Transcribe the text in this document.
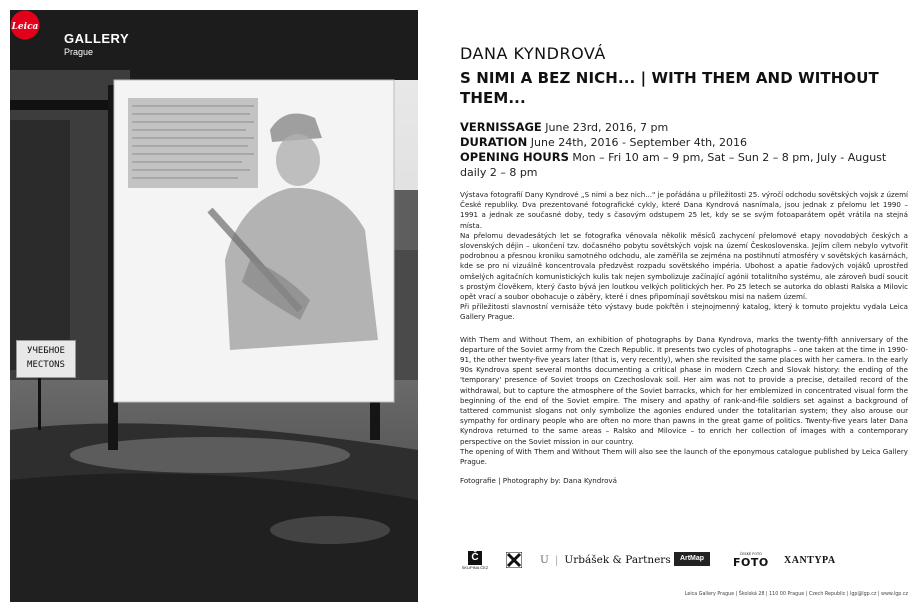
Leica
GALLERY
Prague
УЧЕБНОЕ
МЕСТОNS
DANA KYNDROVÁ
S NIMI A BEZ NICH... | WITH THEM AND WITHOUT THEM...
VERNISSAGE June 23rd, 2016, 7 pm
DURATION June 24th, 2016 - September 4th, 2016
OPENING HOURS Mon – Fri 10 am – 9 pm, Sat – Sun 2 – 8 pm, July - August daily 2 – 8 pm

Výstava fotografií Dany Kyndrové „S nimi a bez nich..." je pořádána u příležitosti 25. výročí odchodu sovětských vojsk z území České republiky. Dva prezentované fotografické cykly, které Dana Kyndrová nasnímala, jsou jednak z přelomu let 1990 – 1991 a jednak ze současné doby, tedy s časovým odstupem 25 let, kdy se se svým fotoaparátem opět vrátila na stejná místa.

Na přelomu devadesátých let se fotografka věnovala několik měsíců zachycení přelomové etapy novodobých českých a slovenských dějin – ukončení tzv. dočasného pobytu sovětských vojsk na území Československa. Jejím cílem nebylo vytvořit podrobnou a přesnou kroniku samotného odchodu, ale zaměřila se zejména na postihnutí atmosféry v sovětských kasárnách, kde se pro ni vizuálně koncentrovala předzvěst rozpadu sovětského impéria. Ubohost a apatie řadových vojáků uprostřed omšelých agitačních komunistických kulis tak nejen symbolizuje začínající agónii totalitního systému, ale zároveň budí soucit s prostým člověkem, který často bývá jen loutkou velkých politických her. Po 25 letech se autorka do oblasti Ralska a Milovic opět vrací a soubor obohacuje o záběry, které i dnes připomínají sovětskou misi na našem území.

Při příležitosti slavnostní vernisáže této výstavy bude pokřtěn i stejnojmenný katalog, který k tomuto projektu vydala Leica Gallery Prague.

With Them and Without Them, an exhibition of photographs by Dana Kyndrova, marks the twenty-fifth anniversary of the departure of the Soviet army from the Czech Republic. It presents two cycles of photographs – one taken at the time in 1990-91, the other twenty-five years later (that is, very recently), when she revisited the same places with her camera. In the early 90s Kyndrova spent several months documenting a critical phase in modern Czech and Slovak history: the ending of the 'temporary' presence of Soviet troops on Czechoslovak soil. Her aim was not to provide a precise, detailed record of the withdrawal, but to capture the atmosphere of the Soviet barracks, which for her emblemized in concentrated visual form the beginning of the end of the Soviet empire. The misery and apathy of rank-and-file soldiers set against a background of tattered communist slogans not only symbolize the agonies endured under the totalitarian system; they also arouse our sympathy for ordinary people who are often no more than pawns in the great game of politics. Twenty-five years later Dana Kyndrova returned to the same areas – Ralsko and Milovice – to enrich her collection of images with a contemporary perspective on the Soviet mission in our country.

The opening of With Them and Without Them will also see the launch of the eponymous catalogue published by Leica Gallery Prague.

Fotografie | Photography by: Dana Kyndrová
Č
SKUPINA ČEZ
U | Urbášek & Partners	ArtMap
ČESKÉ FOTO
FOTO XANTYPA
Leica Gallery Prague | Školská 28 | 110 00 Prague | Czech Republic | lgp@lgp.cz | www.lgp.cz
